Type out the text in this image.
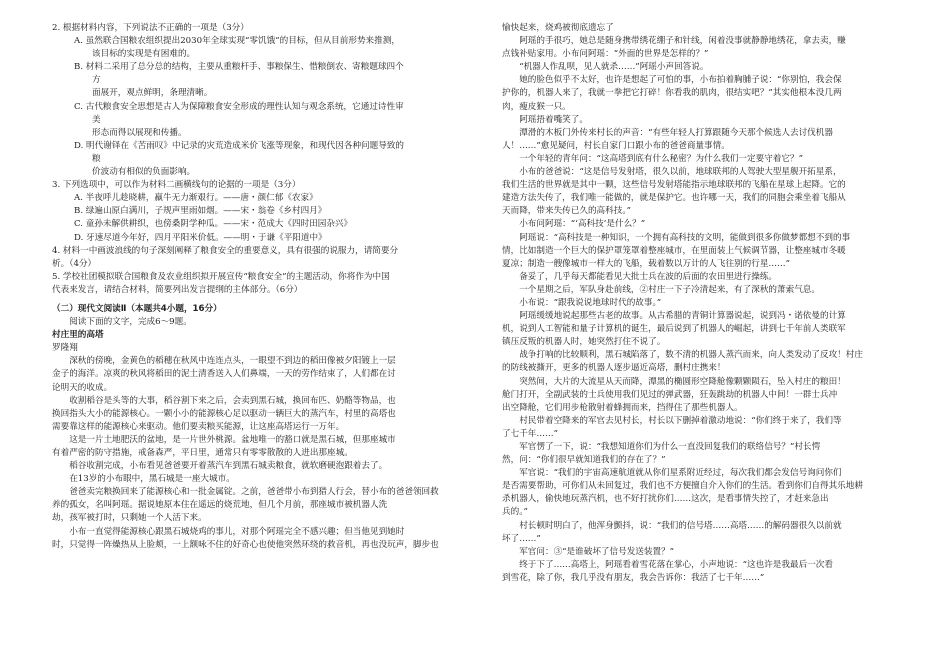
2. 根据材料内容，下列说法不正确的一项是（3分）

A. 虽然联合国粮农组织提出2030年全球实现“零饥饿”的目标，但从目前形势来推测，

该目标的实现是有困难的。

B. 材料二采用了总分总的结构，主要从重粮杆手、事粮保生、惜粮倒农、寄粮题球四个

方

面展开，观点鲜明，条理清晰。

C. 古代粮食安全思想是古人为保障粮食安全形成的理性认知与观念系统，它通过诗性审

美

形态而得以展现和传播。

D. 明代谢铎在《苦雨叹》中记录的灾荒造成米价飞涨等现象，和现代因各种问题导致的

粮

价波动有相似的负面影响。

3. 下列选项中，可以作为材料二画横线句的论据的一项是（3分）

A. 半夜呼儿趁晓耕，羸牛无力渐艰行。——唐・颜仁郁《农家》

B. 绿遍山原白满川，子规声里雨如烟。——宋・翁卷《乡村四月》

C. 童孙未解供耕织，也傍桑阴学种瓜。——宋・范成大《四时田园杂兴》

D. 牙速尽道今年好，四月平阳米价低。——明・于谦《平阳道中》

4. 材料一中画波浪线的句子深刻阐释了粮食安全的重要意义，具有很强的说服力，请简要分

析。（4分）

5. 学校社团模拟联合国粮食及农业组织拟开展宣传“粮食安全”的主题活动，你将作为中国

代表来发言，请结合材料，简要列出发言提纲的主体部分。（6分）

（二）现代文阅读Ⅱ（本题共4小题，16分）

阅读下面的文字，完成6～9题。

村庄里的高塔

罗隆翔

深秋的傍晚，金黄色的稻穗在秋风中连连点头，一眼望不到边的稻田像被夕阳镀上一层

金子的海洋。凉爽的秋风将稻田的泥土清香送入人们鼻端，一天的劳作结束了，人们都在讨

论明天的收成。

收割稻谷是头等的大事，稻谷割下来之后，会卖到黑石城，换回布匹、奶酪等物品，也

换回指头大小的能源核心。一颗小小的能源核心足以驱动一辆巨大的蒸汽车，村里的高塔也

需要靠这样的能源核心来驱动。他们要卖粮买能源，让这座高塔运行一万年。

这是一片土地肥沃的盆地，是一片世外桃源。盆地唯一的豁口就是黑石城，但那座城市

有着严密的防守措施，戒备森严，平日里，通常只有零零散散的人进出那座城。

稻谷收割完成，小布看见爸爸要开着蒸汽车到黑石城卖粮食，就软磨硬泡跟着去了。

在13岁的小布眼中，黑石城是一座大城市。

爸爸卖完粮换回来了能源核心和一批金属锭。之前，爸爸带小布到猎人行会，替小布的爸爸领回救

养的孤女，名叫阿瑶。据说她原本住在遥远的烧荒地，但几个月前，那座城市被机器人洗

劫，孩军被打时，只剩她一个人活下来。

小布一直觉得能源核心跟黑石城烧鸡的事儿，对那个阿瑶完全不感兴趣；但当他见到她时

时，只觉得一阵燥热从上脸颊，一上额咏不住的好奇心也使他突然环绕的救音机，再也没玩声，脚步也

愉快起来，烧鸡被彻底遗忘了

阿瑶的手很巧，她总是随身携带绣花绷子和针线，闲着没事就静静地绣花，拿去卖，赚

点钱补贴家用。小布问阿瑶：“外面的世界是怎样的？”

“机器人作乱呗，见人就杀……”阿瑶小声回答说。

她的脸色似乎不太好，也许是想起了可怕的事，小布拍着胸脯子说：“你别怕，我会保

护你的，机器人来了，我就一拳把它打碎！你看我的肌肉，很结实吧？”其实他根本没几两

肉，瘦皮猴一只。

阿瑶捂着嘴笑了。

潭滑的木板门外传来村长的声音：“有些年轻人打算跟随今天那个候选人去讨伐机器

人！……”愈见疑问，村长自家门口跟小布的爸爸商量事情。

一个年轻的青年问：“这高塔到底有什么秘密？为什么我们一定要守着它？”

小布的爸爸说：“这是信号发射塔，很久以前，地球联邦的人驾驶大型星舰开拓星系，

我们生活的世界就是其中一颗，这些信号发射塔能指示地球联邦的飞船在星球上起降。它的

建造方法失传了，我们唯一能做的，就是保护它。也许哪一天，我们的同胞会乘坐着飞船从

天而降，带来失传已久的高科技。”

小布问阿瑶：“‘高科技’是什么？”

阿瑶说：“高科技是一种知识，一个拥有高科技的文明，能做到很多你做梦都想不到的事

情，比如制造一个巨大的保护罩笼罩着整座城市，在里面装上气候调节器，让整座城市冬暖

夏凉；制造一艘像城市一样大的飞船，载着数以万计的人飞往别的行星……”

备妥了，几乎每天都能看见大批士兵在波的后面的农田里进行操练。

一个星期之后，军队身赴前线，②村庄一下子冷清起来，有了深秋的萧索气息。

小布说：“跟我说说地球时代的故事。”

阿瑶缓缓地说起那些古老的故事。从古希腊的青铜计算器说起，说到冯・诺依曼的计算

机，说到人工智能和量子计算机的诞生，最后说到了机器人的崛起，讲到七千年前人类联军

镇压反叛的机器人时，她突然打住不说了。

战争打响的比较顺利，黑石城陷落了，数不清的机器人蒸汽而来，向人类发动了反攻！村庄

的防线被撕开，更多的机器人逐步逼近高塔，删村庄携来！

突然间，大片的大流星从天而降，潭黑的椭圆形空降舱像颗颗陨石，坠入村庄的粮田！

舱门打开，全副武装的士兵使用我们见过的弹武器，狂轰跳劫的机器人中间！一群士兵冲

出空降舱，它们用步枪散射着蜂拥而来，挡得住了那些机器人。

村民带着空降来的军官去见村长，村长以下删掉着激动地说：“你们终于来了，我们等

了七千年……”

军官愣了一下，说：“我想知道你们为什么一直没回复我们的联络信号？”村长愕

然，问：“你们很早就知道我们的存在了？”

军官说：“我们的宇宙高速航道就从你们星系附近经过，每次我们都会发信号询问你们

是否需要帮助，可你们从未回复过，我们也不方便擅自介入你们的生活。看到你们自得其乐地耕

杀机器人，偷快地玩蒸汽机，也不好打扰你们……这次，是看事情失控了，才赶来急出

兵的。”

村长顿时明白了，他浑身颤抖，说：“我们的信号塔……高塔……的解码器很久以前就

坏了……”

军官问：③“是谁破坏了信号发送装置？”

终于下了……高塔上，阿瑶看着雪花落在掌心，小声地说：“这也许是我最后一次看

到雪花，除了你，我几乎没有朋友，我会告诉你：我活了七千年……”
